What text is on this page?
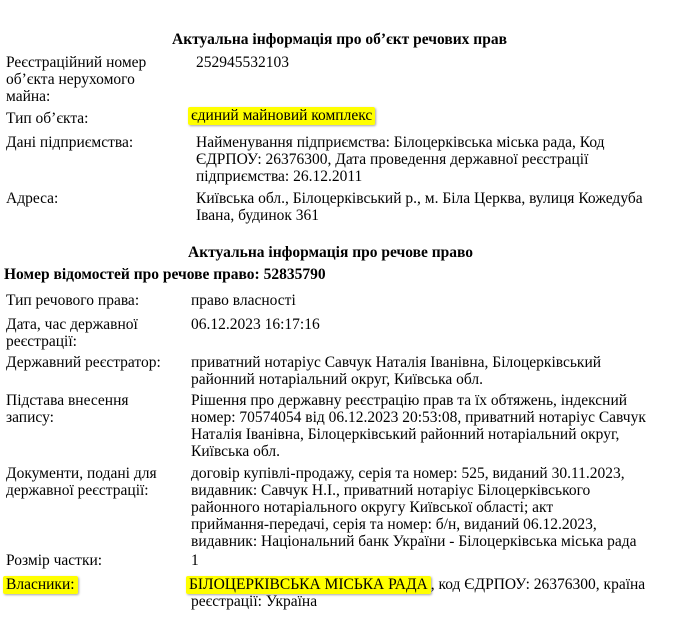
Актуальна інформація про об’єкт речових прав
Реєстраційний номер
об’єкта нерухомого
майна:
252945532103
Тип об’єкта:	єдиний майновий комплекс
Дані підприємства:	Найменування підприємства: Білоцерківська міська рада, Код
ЄДРПОУ: 26376300, Дата проведення державної реєстрації
підприємства: 26.12.2011
Адреса:	Київська обл., Білоцерківський р., м. Біла Церква, вулиця Кожедуба
Івана, будинок 361
Актуальна інформація про речове право
Номер відомостей про речове право: 52835790
Тип речового права:	право власності
Дата, час державної
реєстрації:
06.12.2023 16:17:16
Державний реєстратор: приватний нотаріус Савчук Наталія Іванівна, Білоцерківський
районний нотаріальний округ, Київська обл.
Підстава внесення
запису:
Рішення про державну реєстрацію прав та їх обтяжень, індексний
номер: 70574054 від 06.12.2023 20:53:08, приватний нотаріус Савчук
Наталія Іванівна, Білоцерківський районний нотаріальний округ,
Київська обл.
Документи, подані для
державної реєстрації:
договір купівлі-продажу, серія та номер: 525, виданий 30.11.2023,
видавник: Савчук Н.І., приватний нотаріус Білоцерківського
районного нотаріального округу Київської області; акт
приймання-передачі, серія та номер: б/н, виданий 06.12.2023,
видавник: Національний банк України - Білоцерківська міська рада
Розмір частки:	1
Власники:	БІЛОЦЕРКІВСЬКА МІСЬКА РАДА , код ЄДРПОУ: 26376300, країна
реєстрації: Україна
